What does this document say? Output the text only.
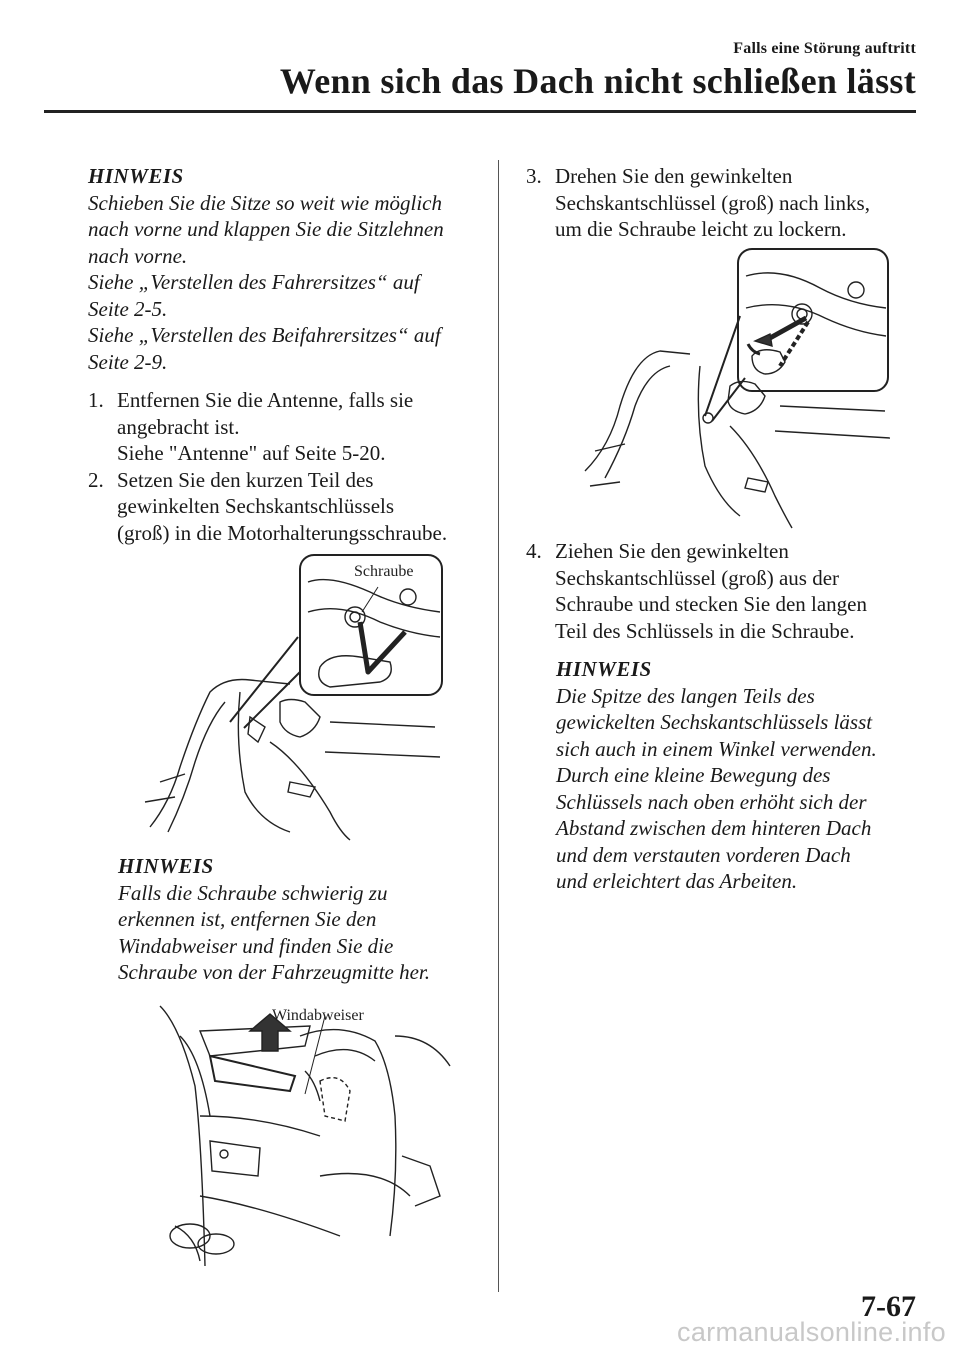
Falls eine Störung auftritt
Wenn sich das Dach nicht schließen lässt
HINWEIS
Schieben Sie die Sitze so weit wie möglich
nach vorne und klappen Sie die Sitzlehnen
nach vorne.
Siehe „Verstellen des Fahrersitzes“ auf
Seite 2-5.
Siehe „Verstellen des Beifahrersitzes“ auf
Seite 2-9.
1. Entfernen Sie die Antenne, falls sie
angebracht ist.
Siehe "Antenne" auf Seite 5-20.
2. Setzen Sie den kurzen Teil des
gewinkelten Sechskantschlüssels
(groß) in die Motorhalterungsschraube.
Schraube
HINWEIS
Falls die Schraube schwierig zu
erkennen ist, entfernen Sie den
Windabweiser und finden Sie die
Schraube von der Fahrzeugmitte her.
Windabweiser
3. Drehen Sie den gewinkelten
Sechskantschlüssel (groß) nach links,
um die Schraube leicht zu lockern.
4. Ziehen Sie den gewinkelten
Sechskantschlüssel (groß) aus der
Schraube und stecken Sie den langen
Teil des Schlüssels in die Schraube.
HINWEIS
Die Spitze des langen Teils des
gewickelten Sechskantschlüssels lässt
sich auch in einem Winkel verwenden.
Durch eine kleine Bewegung des
Schlüssels nach oben erhöht sich der
Abstand zwischen dem hinteren Dach
und dem verstauten vorderen Dach
und erleichtert das Arbeiten.
7-67
carmanualsonline.info
